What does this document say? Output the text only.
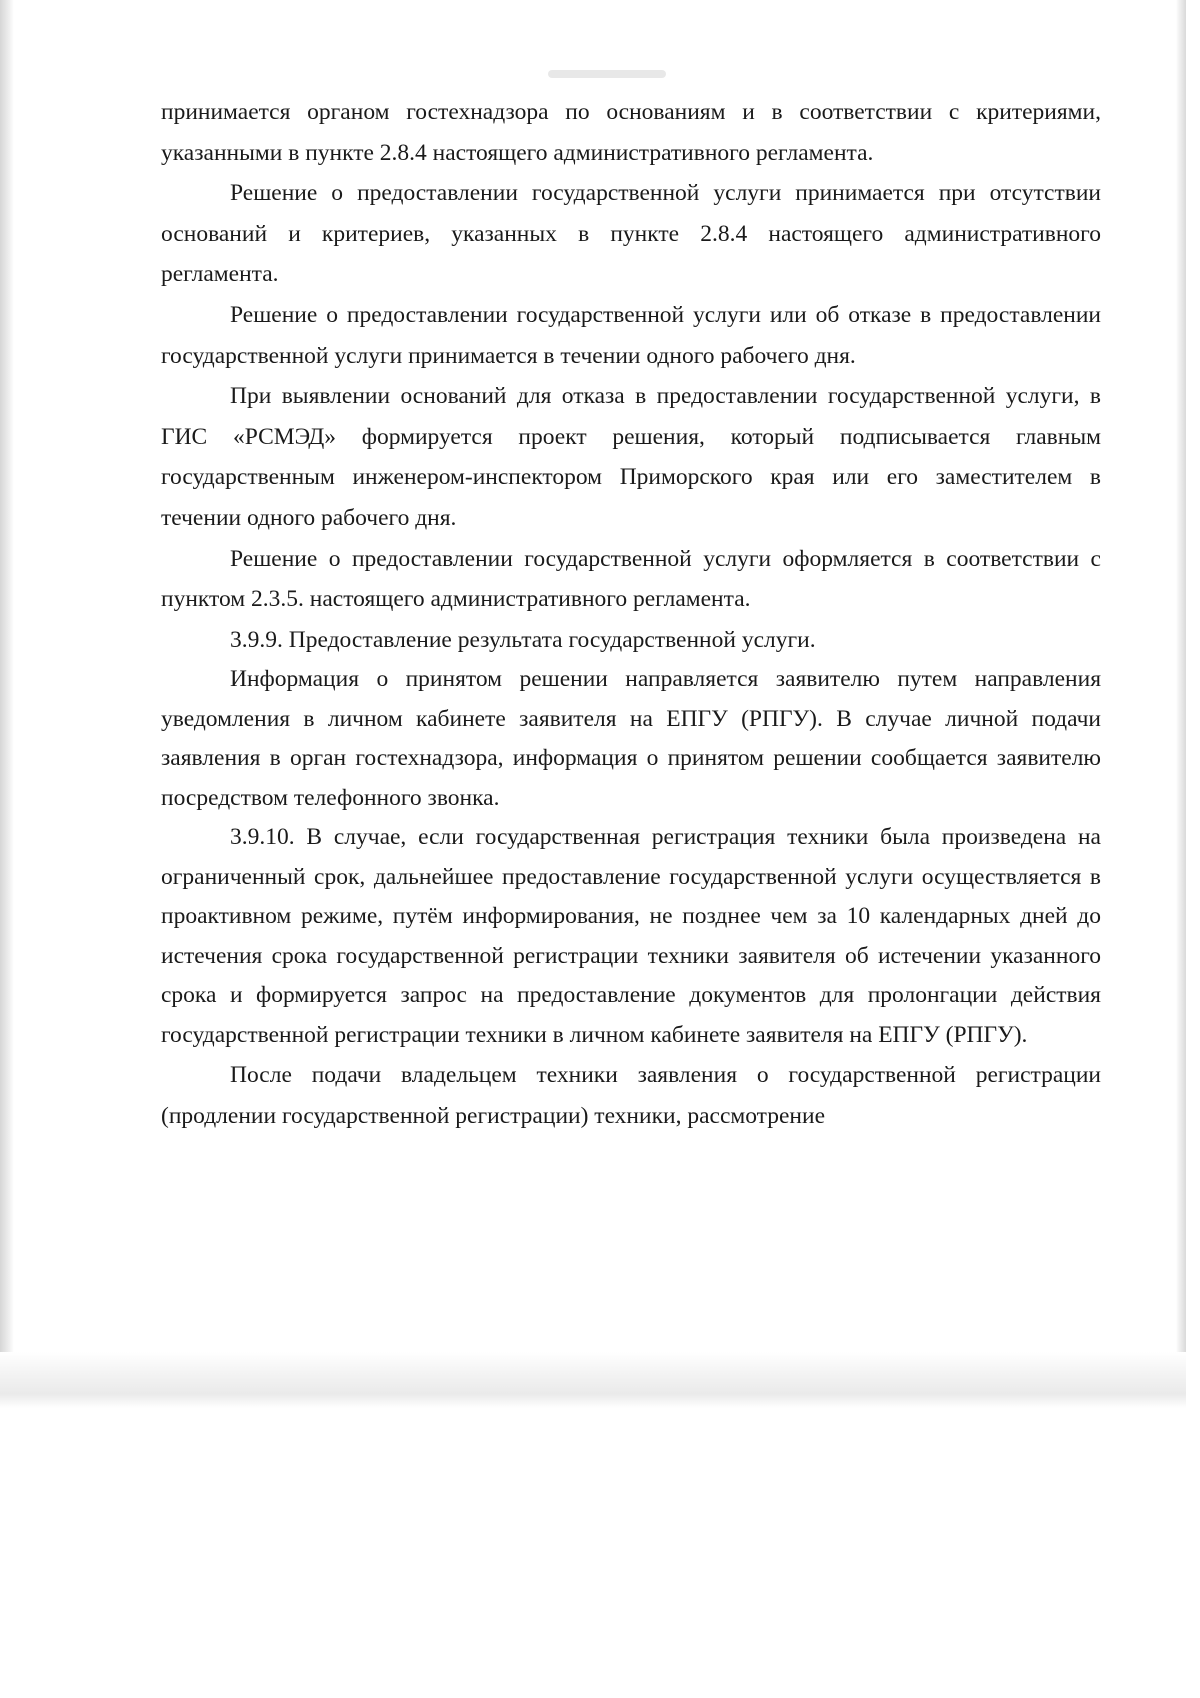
принимается органом гостехнадзора по основаниям и в соответствии с критериями, указанными в пункте 2.8.4 настоящего административного регламента.

Решение о предоставлении государственной услуги принимается при отсутствии оснований и критериев, указанных в пункте 2.8.4 настоящего административного регламента.

Решение о предоставлении государственной услуги или об отказе в предоставлении государственной услуги принимается в течении одного рабочего дня.

При выявлении оснований для отказа в предоставлении государственной услуги, в ГИС «РСМЭД» формируется проект решения, который подписывается главным государственным инженером-инспектором Приморского края или его заместителем в течении одного рабочего дня.

Решение о предоставлении государственной услуги оформляется в соответствии с пунктом 2.3.5. настоящего административного регламента.

3.9.9. Предоставление результата государственной услуги.

Информация о принятом решении направляется заявителю путем направления уведомления в личном кабинете заявителя на ЕПГУ (РПГУ). В случае личной подачи заявления в орган гостехнадзора, информация о принятом решении сообщается заявителю посредством телефонного звонка.

3.9.10. В случае, если государственная регистрация техники была произведена на ограниченный срок, дальнейшее предоставление государственной услуги осуществляется в проактивном режиме, путём информирования, не позднее чем за 10 календарных дней до истечения срока государственной регистрации техники заявителя об истечении указанного срока и формируется запрос на предоставление документов для пролонгации действия государственной регистрации техники в личном кабинете заявителя на ЕПГУ (РПГУ).

После подачи владельцем техники заявления о государственной регистрации (продлении государственной регистрации) техники, рассмотрение
